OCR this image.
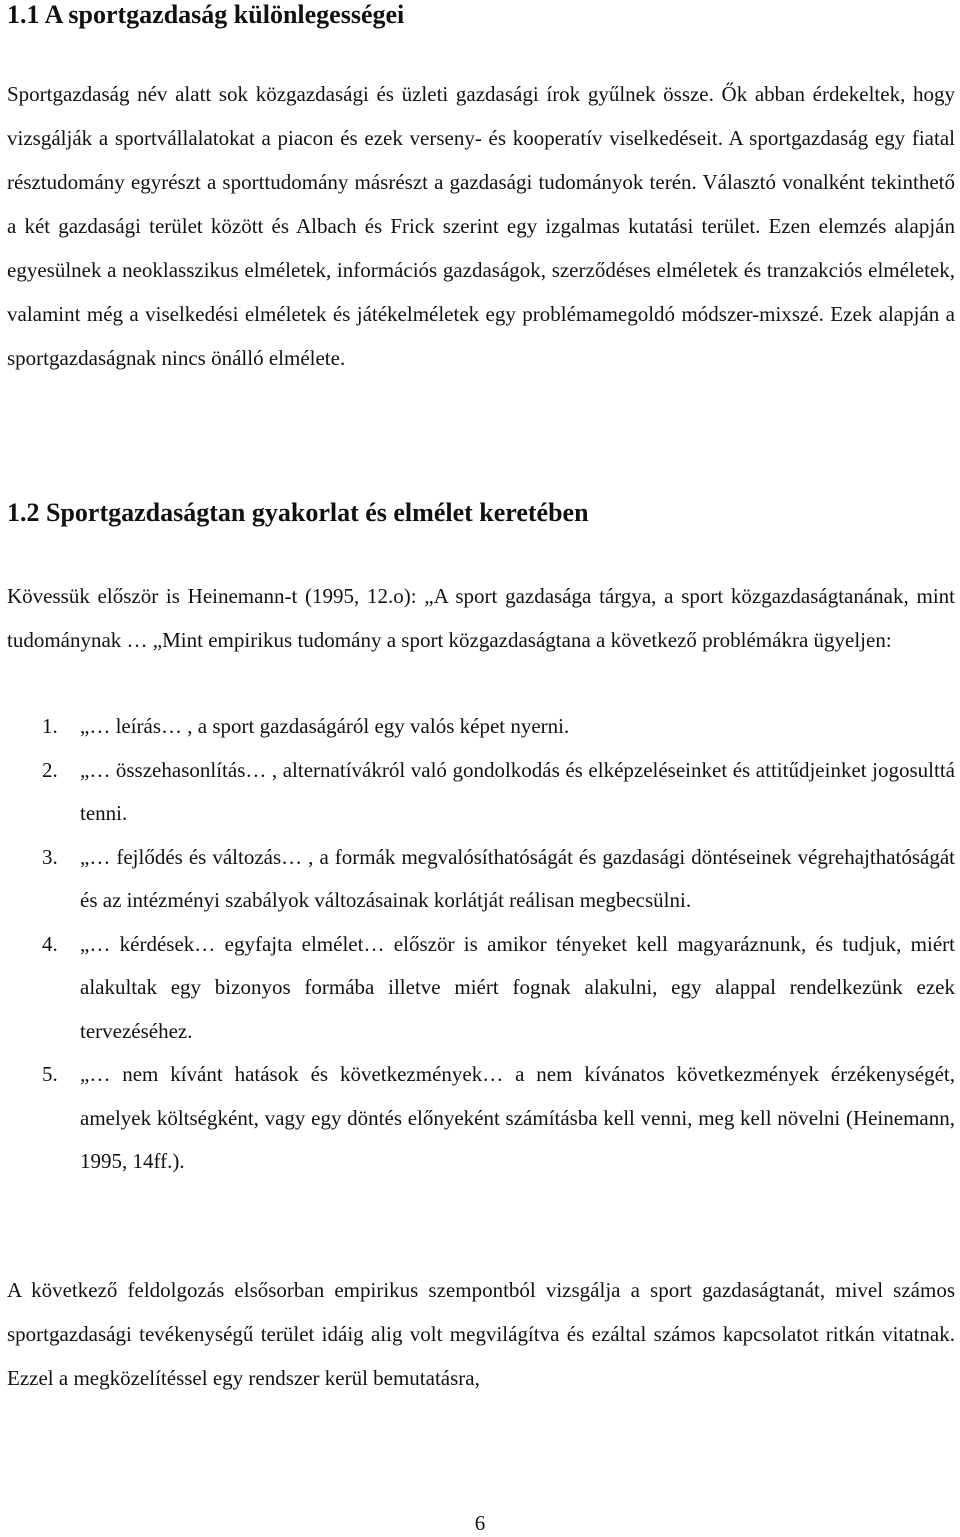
1.1 A sportgazdaság különlegességei

Sportgazdaság név alatt sok közgazdasági és üzleti gazdasági írok gyűlnek össze. Ők abban érdekeltek, hogy vizsgálják a sportvállalatokat a piacon és ezek verseny- és kooperatív viselkedéseit. A sportgazdaság egy fiatal résztudomány egyrészt a sporttudomány másrészt a gazdasági tudományok terén. Választó vonalként tekinthető a két gazdasági terület között és Albach és Frick szerint egy izgalmas kutatási terület. Ezen elemzés alapján egyesülnek a neoklasszikus elméletek, információs gazdaságok, szerződéses elméletek és tranzakciós elméletek, valamint még a viselkedési elméletek és játékelméletek egy problémamegoldó módszer-mixszé. Ezek alapján a sportgazdaságnak nincs önálló elmélete.

1.2 Sportgazdaságtan gyakorlat és elmélet keretében

Kövessük először is Heinemann-t (1995, 12.o): „A sport gazdasága tárgya, a sport közgazdaságtanának, mint tudománynak … „Mint empirikus tudomány a sport közgazdaságtana a következő problémákra ügyeljen:

1. „… leírás… , a sport gazdaságáról egy valós képet nyerni.
2. „… összehasonlítás… , alternatívákról való gondolkodás és elképzeléseinket és attitűdjeinket jogosulttá tenni.
3. „… fejlődés és változás… , a formák megvalósíthatóságát és gazdasági döntéseinek végrehajthatóságát és az intézményi szabályok változásainak korlátját reálisan megbecsülni.
4. „… kérdések… egyfajta elmélet… először is amikor tényeket kell magyaráznunk, és tudjuk, miért alakultak egy bizonyos formába illetve miért fognak alakulni, egy alappal rendelkezünk ezek tervezéséhez.
5. „… nem kívánt hatások és következmények… a nem kívánatos következmények érzékenységét, amelyek költségként, vagy egy döntés előnyeként számításba kell venni, meg kell növelni (Heinemann, 1995, 14ff.).

A következő feldolgozás elsősorban empirikus szempontból vizsgálja a sport gazdaságtanát, mivel számos sportgazdasági tevékenységű terület idáig alig volt megvilágítva és ezáltal számos kapcsolatot ritkán vitatnak. Ezzel a megközelítéssel egy rendszer kerül bemutatásra,

6
